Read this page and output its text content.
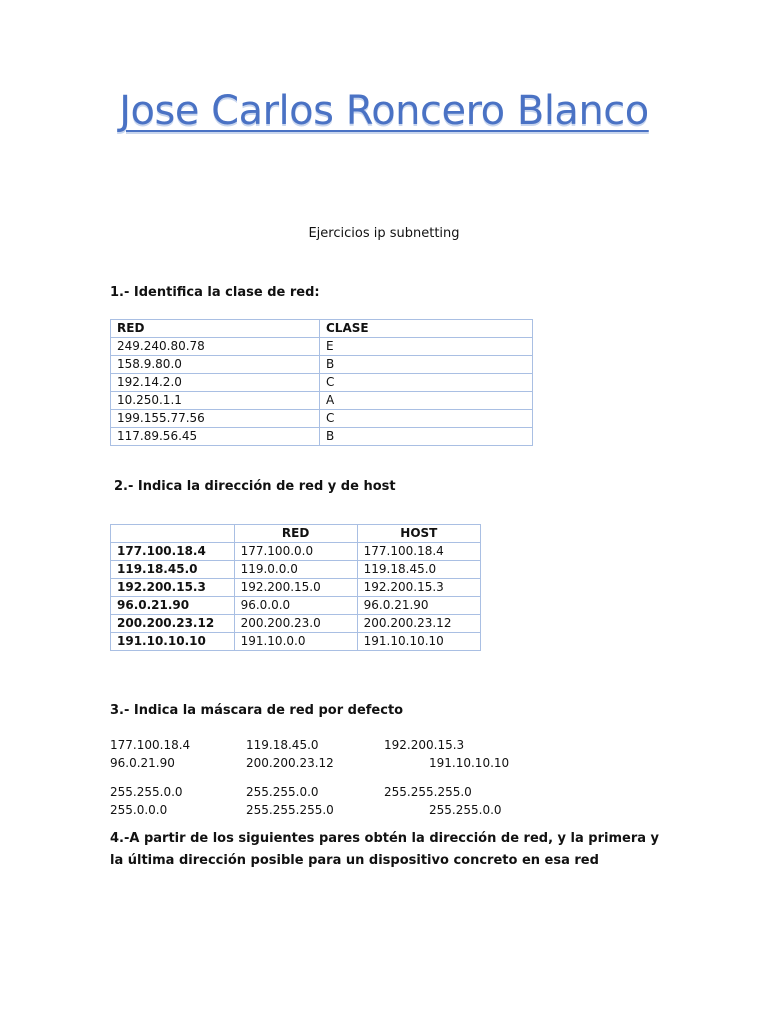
Jose Carlos Roncero Blanco
Ejercicios ip subnetting
1.- Identifica la clase de red:
RED	CLASE
249.240.80.78	E
158.9.80.0	B
192.14.2.0	C
10.250.1.1	A
199.155.77.56	C
117.89.56.45	B
2.- Indica la dirección de red y de host
	RED	HOST
177.100.18.4	177.100.0.0	177.100.18.4
119.18.45.0	119.0.0.0	119.18.45.0
192.200.15.3	192.200.15.0	192.200.15.3
96.0.21.90	96.0.0.0	96.0.21.90
200.200.23.12	200.200.23.0	200.200.23.12
191.10.10.10	191.10.0.0	191.10.10.10
3.- Indica la máscara de red por defecto
177.100.18.4	119.18.45.0	192.200.15.3
96.0.21.90	200.200.23.12	191.10.10.10
255.255.0.0	255.255.0.0	255.255.255.0
255.0.0.0	255.255.255.0	255.255.0.0
4.-A partir de los siguientes pares obtén la dirección de red, y la primera y la última dirección posible para un dispositivo concreto en esa red
